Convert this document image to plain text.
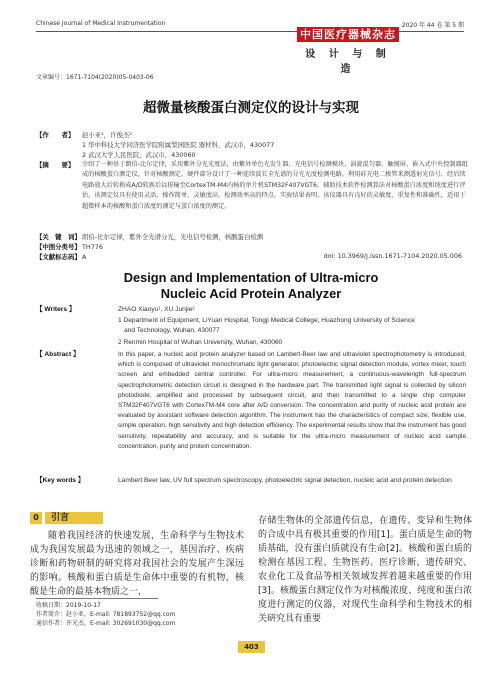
Chinese Journal of Medical Instrumentation	2020 年 44 卷 第 5 期
中国医疗器械杂志
设 计 与 制 造
文章编号：1671-7104(2020)05-0403-06
超微量核酸蛋白测定仪的设计与实现
【作　　者】	赵小亚¹，许俊杰²
1 华中科技大学同济医学院附属梨园医院 器材科，武汉市，430077
2 武汉大学人民医院，武汉市，430060
【摘　　要】	介绍了一种基于朗伯-比尔定律，采用紫外分光光度法，由紫外单色光发生器、光电信号检测模块、涡旋混匀器、触摸屏、嵌入式中央控制器组成的核酸蛋白测定仪。针对核酸测定，硬件部分设计了一种连续波长全光谱的分光光度检测电路，利用硅光电二极管来测透射光信号，经后续电路放大后转换成A/D转换后以传输至CortexTM-M4内核的单片机STM32F407VGT6，辅助技术软件检测算法对核酸蛋白浓度和纯度进行评估，该测定仪具有使用灵活、操作简单、灵敏度高、检测效率高的特点。实验结果表明，该仪器具有良好的灵敏度、重复性和准确性，适用于超微样本的核酸和蛋白浓度的测定与蛋白浓度的测定。
【关　键　词】 朗伯-比尔定律，紫外全光谱分光，光电信号检测，核酸蛋白检测
【中图分类号】 TH776
【文献标志码】 A	doi: 10.3969/j.issn.1671-7104.2020.05.006
Design and Implementation of Ultra-micro
Nucleic Acid Protein Analyzer
【 Writers 】	ZHAO Xiaoyu¹, XU Junjie²
1 Department of Equipment, LiYuan Hospital, Tongji Medical College, Huazhong University of Science
and Technology, Wuhan, 430077
2 Renmin Hospital of Wuhan University, Wuhan, 430060
【 Abstract 】	In this paper, a nucleic acid protein analyzer based on Lambert-Beer law and ultraviolet spectrophotometry is introduced, which is composed of ultraviolet monochromatic light generator, photoelectric signal detection module, vortex mixer, touch screen and embedded central controller. For ultra-micro measurement, a continuous-wavelength full-spectrum spectrophotometric detection circuit is designed in the hardware part. The transmitted light signal is collected by silicon photodiode, amplified and processed by subsequent circuit, and then transmitted to a single chip computer STM32F407VGT6 with CortexTM-M4 core after A/D conversion. The concentration and purity of nucleic acid protein are evaluated by assistant software detection algorithm. The instrument has the characteristics of compact size, flexible use, simple operation, high sensitivity and high detection efficiency. The experimental results show that the instrument has good sensitivity, repeatability and accuracy, and is suitable for the ultra-micro measurement of nucleic acid sample concentration, purity and protein concentration.
【Key words 】	Lambert Beer law, UV full spectrum spectroscopy, photoelectric signal detection, nucleic acid and protein detection
0	引言
随着我国经济的快速发展，生命科学与生物技术成为我国发展最为迅速的领域之一，基因治疗、疾病诊断和药物研制的研究将对我国社会的发展产生深远的影响。核酸和蛋白质是生命体中重要的有机物，核酸是生命的最基本物质之一，
存储生物体的全部遗传信息，在遗传、变异和生物体的合成中具有极其重要的作用[1]。蛋白质是生命的物质基础，没有蛋白质就没有生命[2]。核酸和蛋白质的检测在基因工程、生物医药、医疗诊断、遗传研究、农业化工及食品等相关领域发挥着越来越重要的作用[3]。核酸蛋白测定仪作为对核酸浓度、纯度和蛋白浓度进行测定的仪器，对现代生命科学和生物技术的相关研究具有重要
收稿日期：2019-10-17
作者简介：赵小亚，E-mail: 781893752@qq.com
通信作者：许光杰，E-mail: 302691030@qq.com
403
